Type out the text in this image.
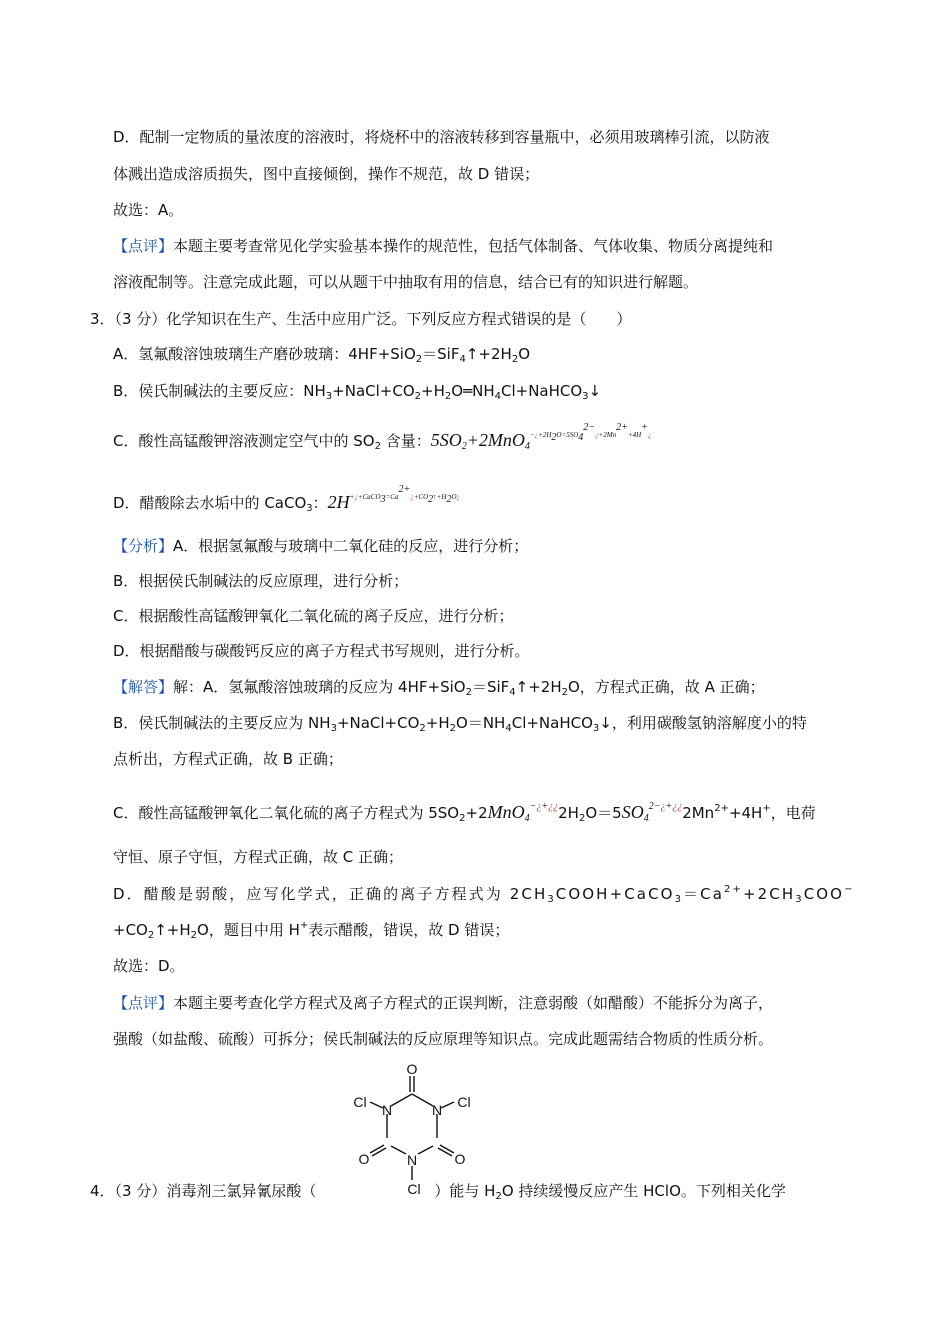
D．配制一定物质的量浓度的溶液时，将烧杯中的溶液转移到容量瓶中，必须用玻璃棒引流，以防液
体溅出造成溶质损失，图中直接倾倒，操作不规范，故 D 错误；
故选：A。
【点评】本题主要考查常见化学实验基本操作的规范性，包括气体制备、气体收集、物质分离提纯和
溶液配制等。注意完成此题，可以从题干中抽取有用的信息，结合已有的知识进行解题。
3．（3 分）化学知识在生产、生活中应用广泛。下列反应方程式错误的是（　　）
A．氢氟酸溶蚀玻璃生产磨砂玻璃：$4HF+SiO_2=SiF_4↑+2H_2O$
B．侯氏制碱法的主要反应：$NH_3+NaCl+CO_2+H_2O═NH_4Cl+NaHCO_3↓$
C．酸性高锰酸钾溶液测定空气中的 $SO_2$ 含量：$5SO_2+2MnO_4^{-¿+2H_2O=5SO_4^{2-}¿+2Mn^{2+}+4H^+¿}$
D．醋酸除去水垢中的 CaCO$_3$：$2H^{+¿+CaCO_3=Ca^{2+}¿+CO_2↑+H_2O¿}$
【分析】A．根据氢氟酸与玻璃中二氧化硅的反应，进行分析；
B．根据侯氏制碱法的反应原理，进行分析；
C．根据酸性高锰酸钾氧化二氧化硫的离子反应，进行分析；
D．根据醋酸与碳酸钙反应的离子方程式书写规则，进行分析。
【解答】解：A．氢氟酸溶蚀玻璃的反应为 $4HF+SiO_2=SiF_4↑+2H_2O$，方程式正确，故 A 正确；
B．侯氏制碱法的主要反应为 $NH_3+NaCl+CO_2+H_2O=NH_4Cl+NaHCO_3↓$，利用碳酸氢钠溶解度小的特
点析出，方程式正确，故 B 正确；
C．酸性高锰酸钾氧化二氧化硫的离子方程式为 $5SO_2+2MnO_4^{-¿+¿¿}2H_2O=5SO_4^{2-¿+¿¿}2Mn^{2+}+4H^+$，电荷
守恒、原子守恒，方程式正确，故 C 正确；
D．醋酸是弱酸，应写化学式，正确的离子方程式为 $2CH_3COOH+CaCO_3=Ca^{2+}+2CH_3COO^-$
$+CO_2↑+H_2O$，题目中用 H+表示醋酸，错误，故 D 错误；
故选：D。
【点评】本题主要考查化学方程式及离子方程式的正误判断，注意弱酸（如醋酸）不能拆分为离子，
强酸（如盐酸、硫酸）可拆分；侯氏制碱法的反应原理等知识点。完成此题需结合物质的性质分析。
O
Cl N	N Cl
O	N	O
Cl
4．（3 分）消毒剂三氯异氰尿酸（	）能与 $H_2O$ 持续缓慢反应产生 HClO。下列相关化学
